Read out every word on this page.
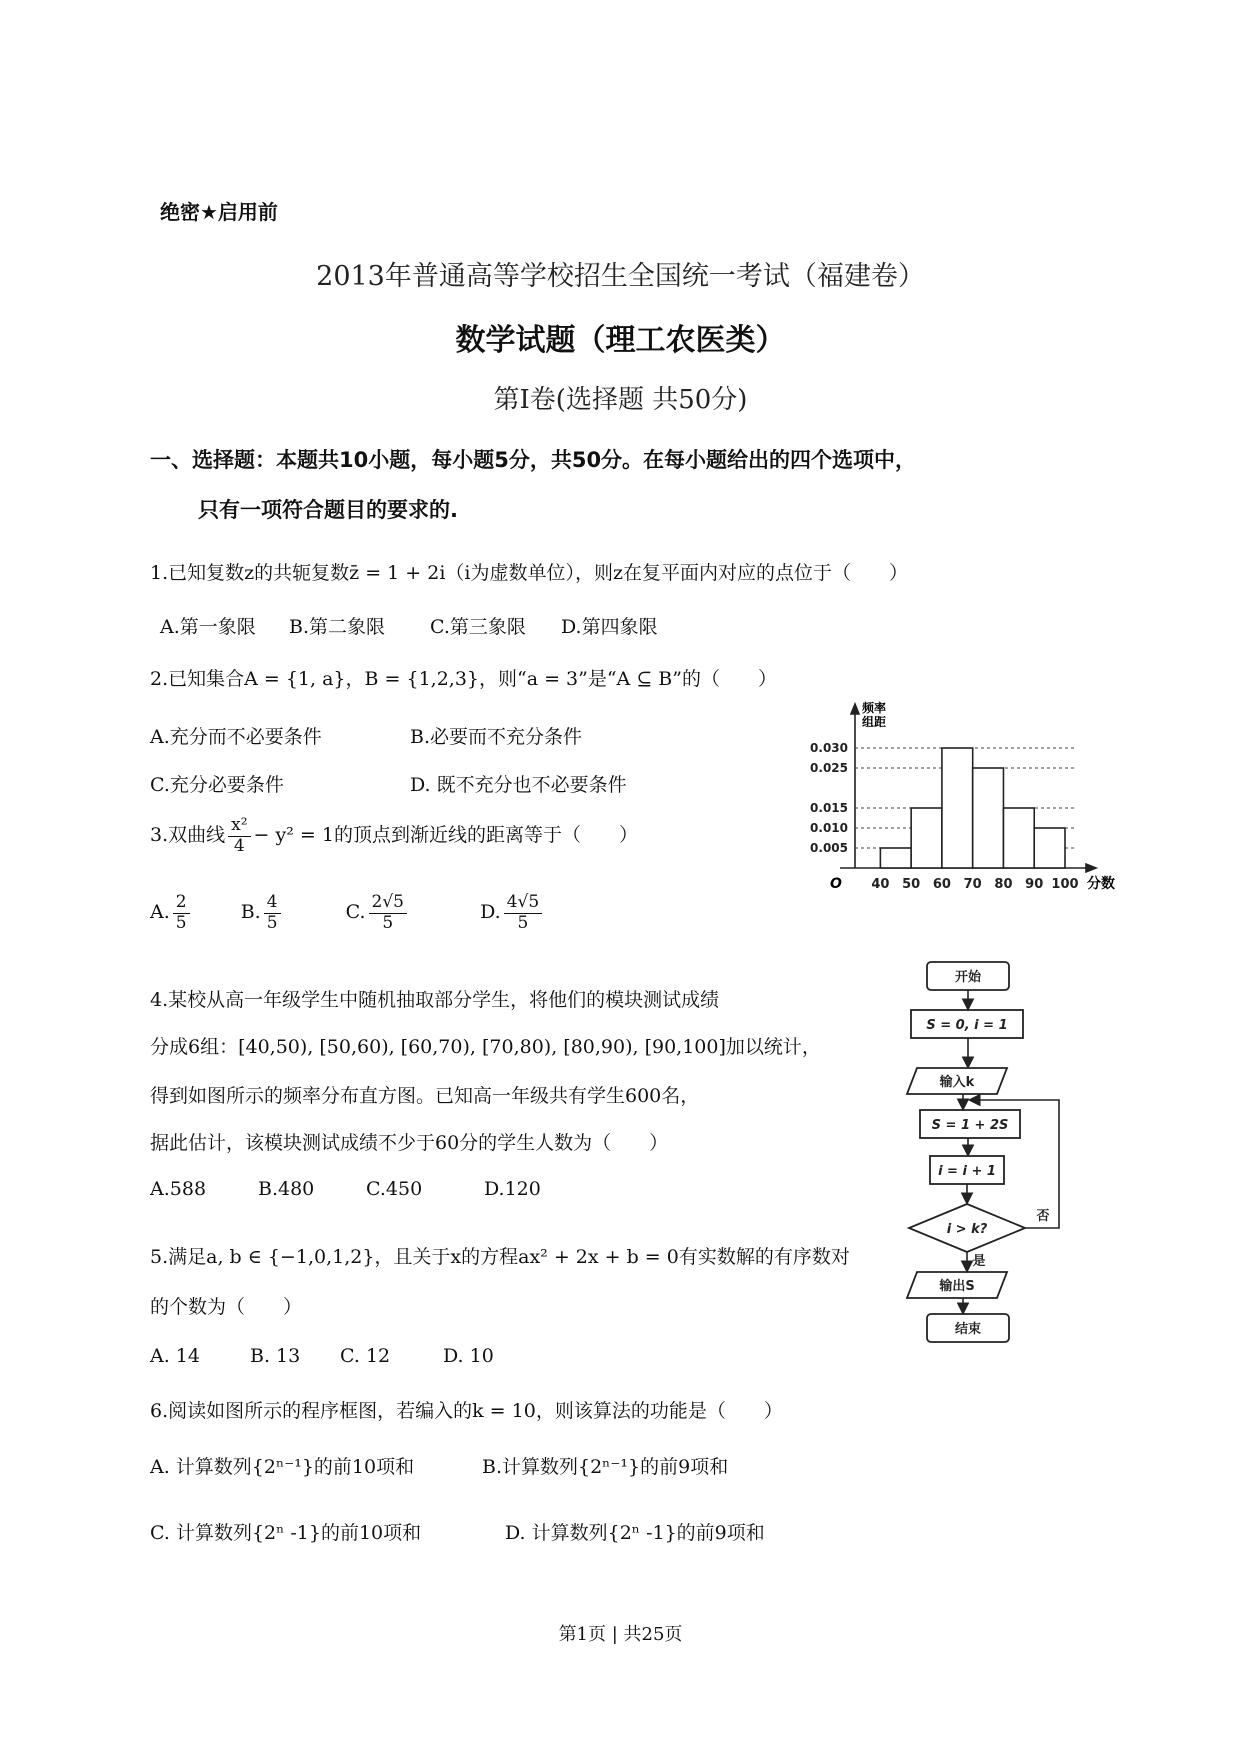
绝密★启用前
2013年普通高等学校招生全国统一考试（福建卷）
数学试题（理工农医类）
第Ⅰ卷(选择题 共50分)
一、选择题：本题共10小题，每小题5分，共50分。在每小题给出的四个选项中，
只有一项符合题目的要求的.
1.已知复数z的共轭复数z̄ = 1 + 2i（i为虚数单位），则z在复平面内对应的点位于（　　）
A.第一象限	B.第二象限	C.第三象限	D.第四象限
2.已知集合A = {1, a}，B = {1,2,3}，则“a = 3”是“A ⊆ B”的（　　）
A.充分而不必要条件	B.必要而不充分条件
C.充分必要条件	D. 既不充分也不必要条件
3.双曲线 $\frac{\text{x²}}{4} - y^2 = 1$的顶点到渐近线的距离等于（　　）
A. $\frac{2}{5}$	B. $\frac{4}{5}$	C. $\frac{2√5}{5}$	D. $\frac{4√5}{5}$
0.030
0.025
0.015
0.010
0.005
40 50 60 70 80 90 100
频率
组距
O	分数
4.某校从高一年级学生中随机抽取部分学生，将他们的模块测试成绩
分成6组：[40,50), [50,60), [60,70), [70,80), [80,90), [90,100]加以统计，
得到如图所示的频率分布直方图。已知高一年级共有学生600名，
据此估计，该模块测试成绩不少于60分的学生人数为（　　）
A.588	B.480	C.450	D.120
开始
S = 0, i = 1
输入k
S = 1 + 2S
i = i + 1
i > k?
输出S
结束
否
是
5.满足a, b ∈ {−1,0,1,2}，且关于x的方程ax² + 2x + b = 0有实数解的有序数对
的个数为（　　）
A. 14	B. 13	C. 12	D. 10
6.阅读如图所示的程序框图，若编入的k = 10，则该算法的功能是（　　）
A. 计算数列{2ⁿ⁻¹}的前10项和	B.计算数列{2ⁿ⁻¹}的前9项和
C. 计算数列{2ⁿ -1}的前10项和	D. 计算数列{2ⁿ -1}的前9项和
第1页 | 共25页
